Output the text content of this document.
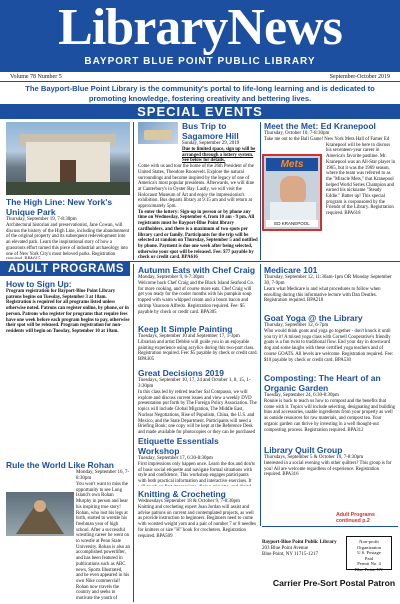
LibraryNews
BAYPORT BLUE POINT PUBLIC LIBRARY
Volume 78 Number 5	September-October 2019
The Bayport-Blue Point Library is the community's portal to life-long learning and is dedicated to promoting knowledge, fostering creativity and bettering lives.
SPECIAL EVENTS
The High Line: New York's Unique Park
Thursday, September 19, 7-8:30pm

Architectural historian and preservationist, Jane Cowan, will discuss the history of the High Line, including the abandonment of the original property and its subsequent redevelopment into an elevated park. Learn the inspirational story of how a grassroots effort turned this piece of industrial archaeology into one of New York City's most beloved parks. Registration

Bus Trip to Sagamore Hill
Sunday, September 29, 2019

Due to limited space, sign up will be arranged through a lottery system. See below for details.

Come with us and tour the home of the 26th President of the United States, Theodore Roosevelt. Explore the natural surroundings and become inspired by the legacy of one of America's most popular presidents. Afterwards, we will dine at Canterbury's in Oyster Bay. Lastly, we will visit the Holocaust Museum of Art and enjoy the impressionist's exhibition. Bus departs library at 9:15 am and will return at approximately 5pm.

To enter the lottery: Sign-up in person or by phone any time on Wednesday, September 4, from 10 am - 9 pm. All registrants must be Bayport-Blue Point library cardholders, and there is a maximum of two spots per library card or family. Participants for the trip will be selected at random on Thursday, September 5 and notified by phone. Payment is due one week after being selected, otherwise your spot will be released. Fee: $77 payable by check or credit card. BPA616

Meet the Met: Ed Kranepool
Thursday, October 10, 7-8:30pm

Take me out to the Ball Game! New York Mets Hall of Famer Ed Kranepool will be here to discuss his seventeen-year career in America's favorite pastime. Mr. Kranepool was an All-Star player in 1965, but it was the 1969 season, where the team was referred to as the "Miracle Mets," that Kranepool helped World Series Champion and earned his nickname "Steady Eddie." Batter up! This special program is cosponsored by the Friends of the Library. Registration required. BPA618

Mets
ED KRANEPOOL
ADULT PROGRAMS
How to Sign Up:

Program registration for Bayport-Blue Point Library patrons begins on Tuesday, September 3 at 10am. Registration is required for all programs listed unless otherwise noted. Patrons can register online, by phone, or in person. Patrons who register for programs that require fees have one week before each program begins to pay, otherwise their spot will be released. Program registration for non-residents will begin on Tuesday, September 10 at 10am.

Rule the World Like Rohan
Monday, September 16, 7-8:30pm

You won't want to miss the opportunity to see Long Island's own Rohan Murphy in person and hear his inspiring true story! Rohan, who lost his legs at birth, started to wrestle his freshman year of high school. After a successful wrestling career he went on to wrestle at Penn State University. Rohan is also an accomplished powerlifter, and has been featured in publications such as ABC news, Sports Illustrated, and he even appeared in his own Nike commercial! Rohan now travels the country and seeks to motivate the youth of

Autumn Eats with Chef Craig
Monday, September 9, 6-7:30pm

Welcome back Chef Craig and the Black Island Seafood Co. for more cooking, and of course more eats. Chef Craig will get you ready for the cooler months with his pumpkin soup topped with warm whipped cream and a bourn bacon and shrimp Vaucoon Alfredo. Registration required. Fee: $5 payable by check or credit card. BPA305

Keep It Simple Painting
Tuesdays, September 10 and September 17, 1-3pm

Librarian and artist Debbie will guide you in an enjoyable painting experience using acrylics during this two-part class. Registration required. Fee: $5 payable by check or credit card. BPA305

Great Decisions 2019
Tuesdays, September 10, 17, 24 and October 1, 8, 15, 1-3:30pm

In this class led by retired teacher Sal Compasso, we will explore and discuss current issues and view a weekly DVD presentation put forth by The Foreign Policy Association. The topics will include Global Migration, The Middle East, Nuclear Negotiations, Rise of Populism, China, the U.S. and Mexico, and the State Department. Participants will need a Briefing Book; one copy will be kept at the Reference Desk and made available for photocopies or they can be purchased

Etiquette Essentials Workshop
Tuesday, September 17, 6:30-8:30pm

First impressions only happen once. Learn the dos and don'ts of basic social etiquette and navigate formal situations with style and confidence. This workshop engages participants with both practical information and interactive exercises. It

Knitting & Crocheting
Wednesdays September 18 & October 9, 7-8:30pm

Knitting and crocheting expert Joan Jordan will assist and advise patrons on current and contemplated projects, as well as provide instruction to beginners. Beginners need to come with worsted weight yarn and a pair of number 7 or 8 needles for knitters or size "H" hook for crocheters. Registration required. BPA509

Medicare 101
Thursday, September 12, 11:30am-1pm OR Monday September 30, 7-9pm

Learn what Medicare is and what procedures to follow when enrolling during this informative lecture with Dan Deutles. Registration required. BPA218

Goat Yoga @ the Library
Thursday, September 12, 6-7pm

Who would think goats and yoga go together - don't knock it until you try it! A mixed yoga class with Cornell Cooperative's friendly goats is a fun twist to traditional flow. End your day in downward dog and some laughs with these certified yoga teachers and of course GOATS. All levels are welcome. Registration required. Fee: $10 payable by check or credit card. BPA530

Composting: The Heart of an Organic Garden
Tuesday, September 24, 6:30-8:30pm

Ronnie is back to teach us how to compost and the benefits that come with it. Topics will include selecting, designating and building bins and accessories, usable ingredients from your property as well as outside resources for raw materials, and compost tea. Your organic garden can thrive by investing in a well thought-out composting process. Registration required. BPA312

Library Quilt Group
Thursdays, September 5 & October 10, 7-8:30pm

Interested in a social evening with other quilters? This group is for you! All are welcome regardless of experience. Registration required. BPA316

Adult Programs continued p.2
Bayport-Blue Point Public Library
203 Blue Point Avenue
Blue Point, NY 11715-1217
Non-profit
Organization
U.S. Postage
Paid
Permit No. 4
Blue Point, NY
Carrier Pre-Sort Postal Patron
